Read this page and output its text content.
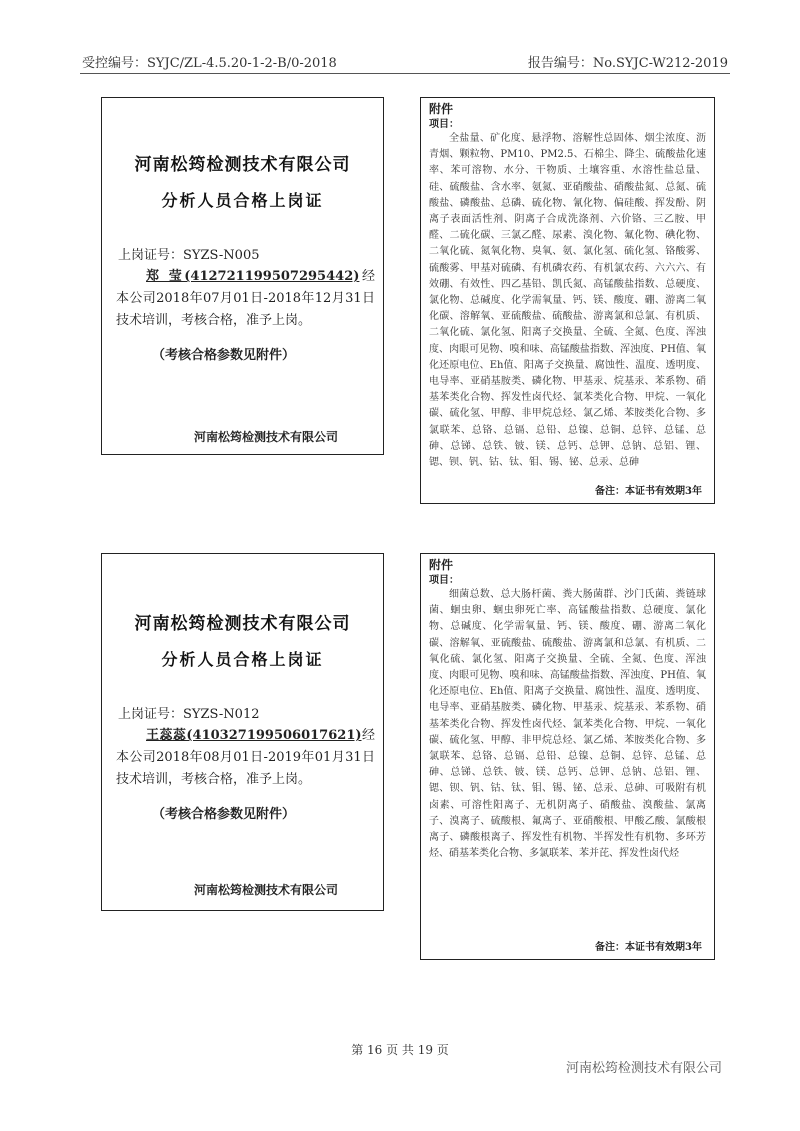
受控编号：SYJC/ZL-4.5.20-1-2-B/0-2018	报告编号：No.SYJC-W212-2019
河南松筠检测技术有限公司
分析人员合格上岗证
上岗证号：SYZS-N005
郑 莹(412721199507295442)经本公司2018年07月01日-2018年12月31日技术培训，考核合格，准予上岗。
（考核合格参数见附件）
河南松筠检测技术有限公司
附件
项目：
全盐量、矿化度、悬浮物、溶解性总固体、烟尘浓度、沥青烟、颗粒物、PM10、PM2.5、石棉尘、降尘、硫酸盐化速率、苯可溶物、水分、干物质、土壤容重、水溶性盐总量、硅、硫酸盐、含水率、氨氮、亚硝酸盐、硝酸盐氮、总氮、硫酸盐、磷酸盐、总磷、硫化物、氰化物、偏硅酸、挥发酚、阴离子表面活性剂、阴离子合成洗涤剂、六价铬、三乙胺、甲醛、二硫化碳、三氯乙醛、尿素、溴化物、氟化物、碘化物、二氧化硫、氮氧化物、臭氧、氨、氯化氢、硫化氢、铬酸雾、硫酸雾、甲基对硫磷、有机磷农药、有机氯农药、六六六、有效硼、有效性、四乙基铅、凯氏氮、高锰酸盐指数、总硬度、氯化物、总碱度、化学需氧量、钙、镁、酸度、硼、游离二氧化碳、溶解氧、亚硫酸盐、硫酸盐、游离氯和总氯、有机质、二氧化硫、氯化氢、阳离子交换量、全硫、全氮、色度、浑浊度、肉眼可见物、嗅和味、高锰酸盐指数、浑浊度、PH值、氧化还原电位、Eh值、阳离子交换量、腐蚀性、温度、透明度、电导率、亚硝基胺类、磷化物、甲基汞、烷基汞、苯系物、硝基苯类化合物、挥发性卤代烃、氯苯类化合物、甲烷、一氧化碳、硫化氢、甲醇、非甲烷总烃、氯乙烯、苯胺类化合物、多氯联苯、总铬、总镉、总铅、总镍、总铜、总锌、总锰、总砷、总锑、总铁、铍、镁、总钙、总钾、总钠、总铝、锂、锶、钡、钒、钴、钛、钼、锡、铋、总汞、总砷
备注：本证书有效期3年
河南松筠检测技术有限公司
分析人员合格上岗证
上岗证号：SYZS-N012
王蕊蕊(410327199506017621)经本公司2018年08月01日-2019年01月31日技术培训，考核合格，准予上岗。
（考核合格参数见附件）
河南松筠检测技术有限公司
附件
项目：
细菌总数、总大肠杆菌、粪大肠菌群、沙门氏菌、粪链球菌、蛔虫卵、蛔虫卵死亡率、高锰酸盐指数、总硬度、氯化物、总碱度、化学需氧量、钙、镁、酸度、硼、游离二氧化碳、溶解氧、亚硫酸盐、硫酸盐、游离氯和总氯、有机质、二氧化硫、氯化氢、阳离子交换量、全硫、全氮、色度、浑浊度、肉眼可见物、嗅和味、高锰酸盐指数、浑浊度、PH值、氧化还原电位、Eh值、阳离子交换量、腐蚀性、温度、透明度、电导率、亚硝基胺类、磷化物、甲基汞、烷基汞、苯系物、硝基苯类化合物、挥发性卤代烃、氯苯类化合物、甲烷、一氧化碳、硫化氢、甲醇、非甲烷总烃、氯乙烯、苯胺类化合物、多氯联苯、总铬、总镉、总铅、总镍、总铜、总锌、总锰、总砷、总锑、总铁、铍、镁、总钙、总钾、总钠、总铝、锂、锶、钡、钒、钴、钛、钼、锡、铋、总汞、总砷、可吸附有机卤素、可溶性阳离子、无机阴离子、硝酸盐、溴酸盐、氯离子、溴离子、硫酸根、氟离子、亚硝酸根、甲酸乙酸、氯酸根离子、磷酸根离子、挥发性有机物、半挥发性有机物、多环芳烃、硝基苯类化合物、多氯联苯、苯并芘、挥发性卤代烃
备注：本证书有效期3年
第 16 页 共 19 页
河南松筠检测技术有限公司
